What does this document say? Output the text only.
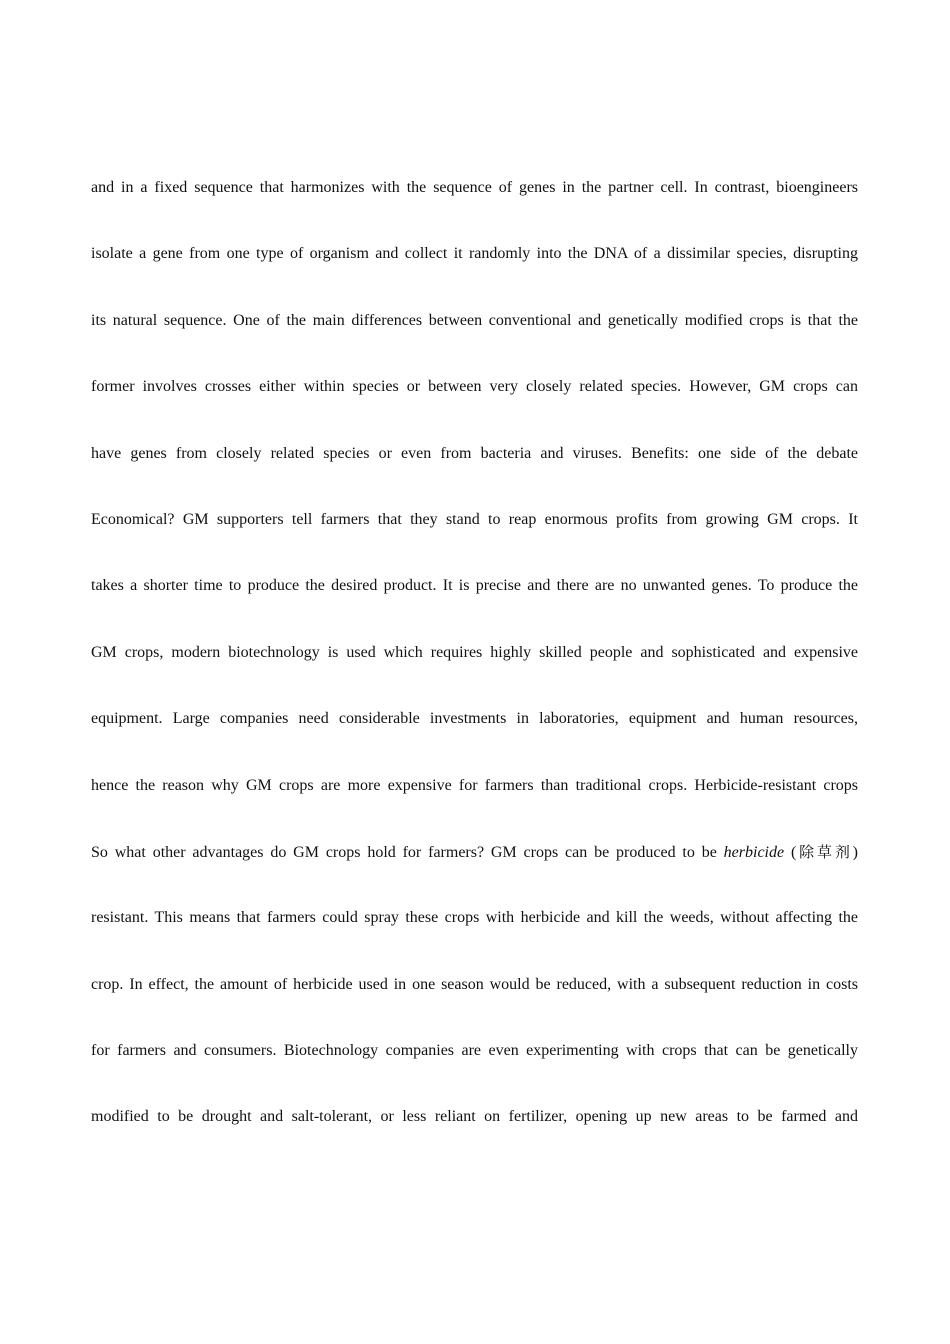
and in a fixed sequence that harmonizes with the sequence of genes in the partner cell. In contrast, bioengineers
isolate a gene from one type of organism and collect it randomly into the DNA of a dissimilar species, disrupting
its natural sequence. One of the main differences between conventional and genetically modified crops is that the
former involves crosses either within species or between very closely related species. However, GM crops can
have genes from closely related species or even from bacteria and viruses. Benefits: one side of the debate
Economical? GM supporters tell farmers that they stand to reap enormous profits from growing GM crops. It
takes a shorter time to produce the desired product. It is precise and there are no unwanted genes. To produce the
GM crops, modern biotechnology is used which requires highly skilled people and sophisticated and expensive
equipment. Large companies need considerable investments in laboratories, equipment and human resources,
hence the reason why GM crops are more expensive for farmers than traditional crops. Herbicide-resistant crops
So what other advantages do GM crops hold for farmers? GM crops can be produced to be herbicide (除草剂)
resistant. This means that farmers could spray these crops with herbicide and kill the weeds, without affecting the
crop. In effect, the amount of herbicide used in one season would be reduced, with a subsequent reduction in costs
for farmers and consumers. Biotechnology companies are even experimenting with crops that can be genetically
modified to be drought and salt-tolerant, or less reliant on fertilizer, opening up new areas to be farmed and
